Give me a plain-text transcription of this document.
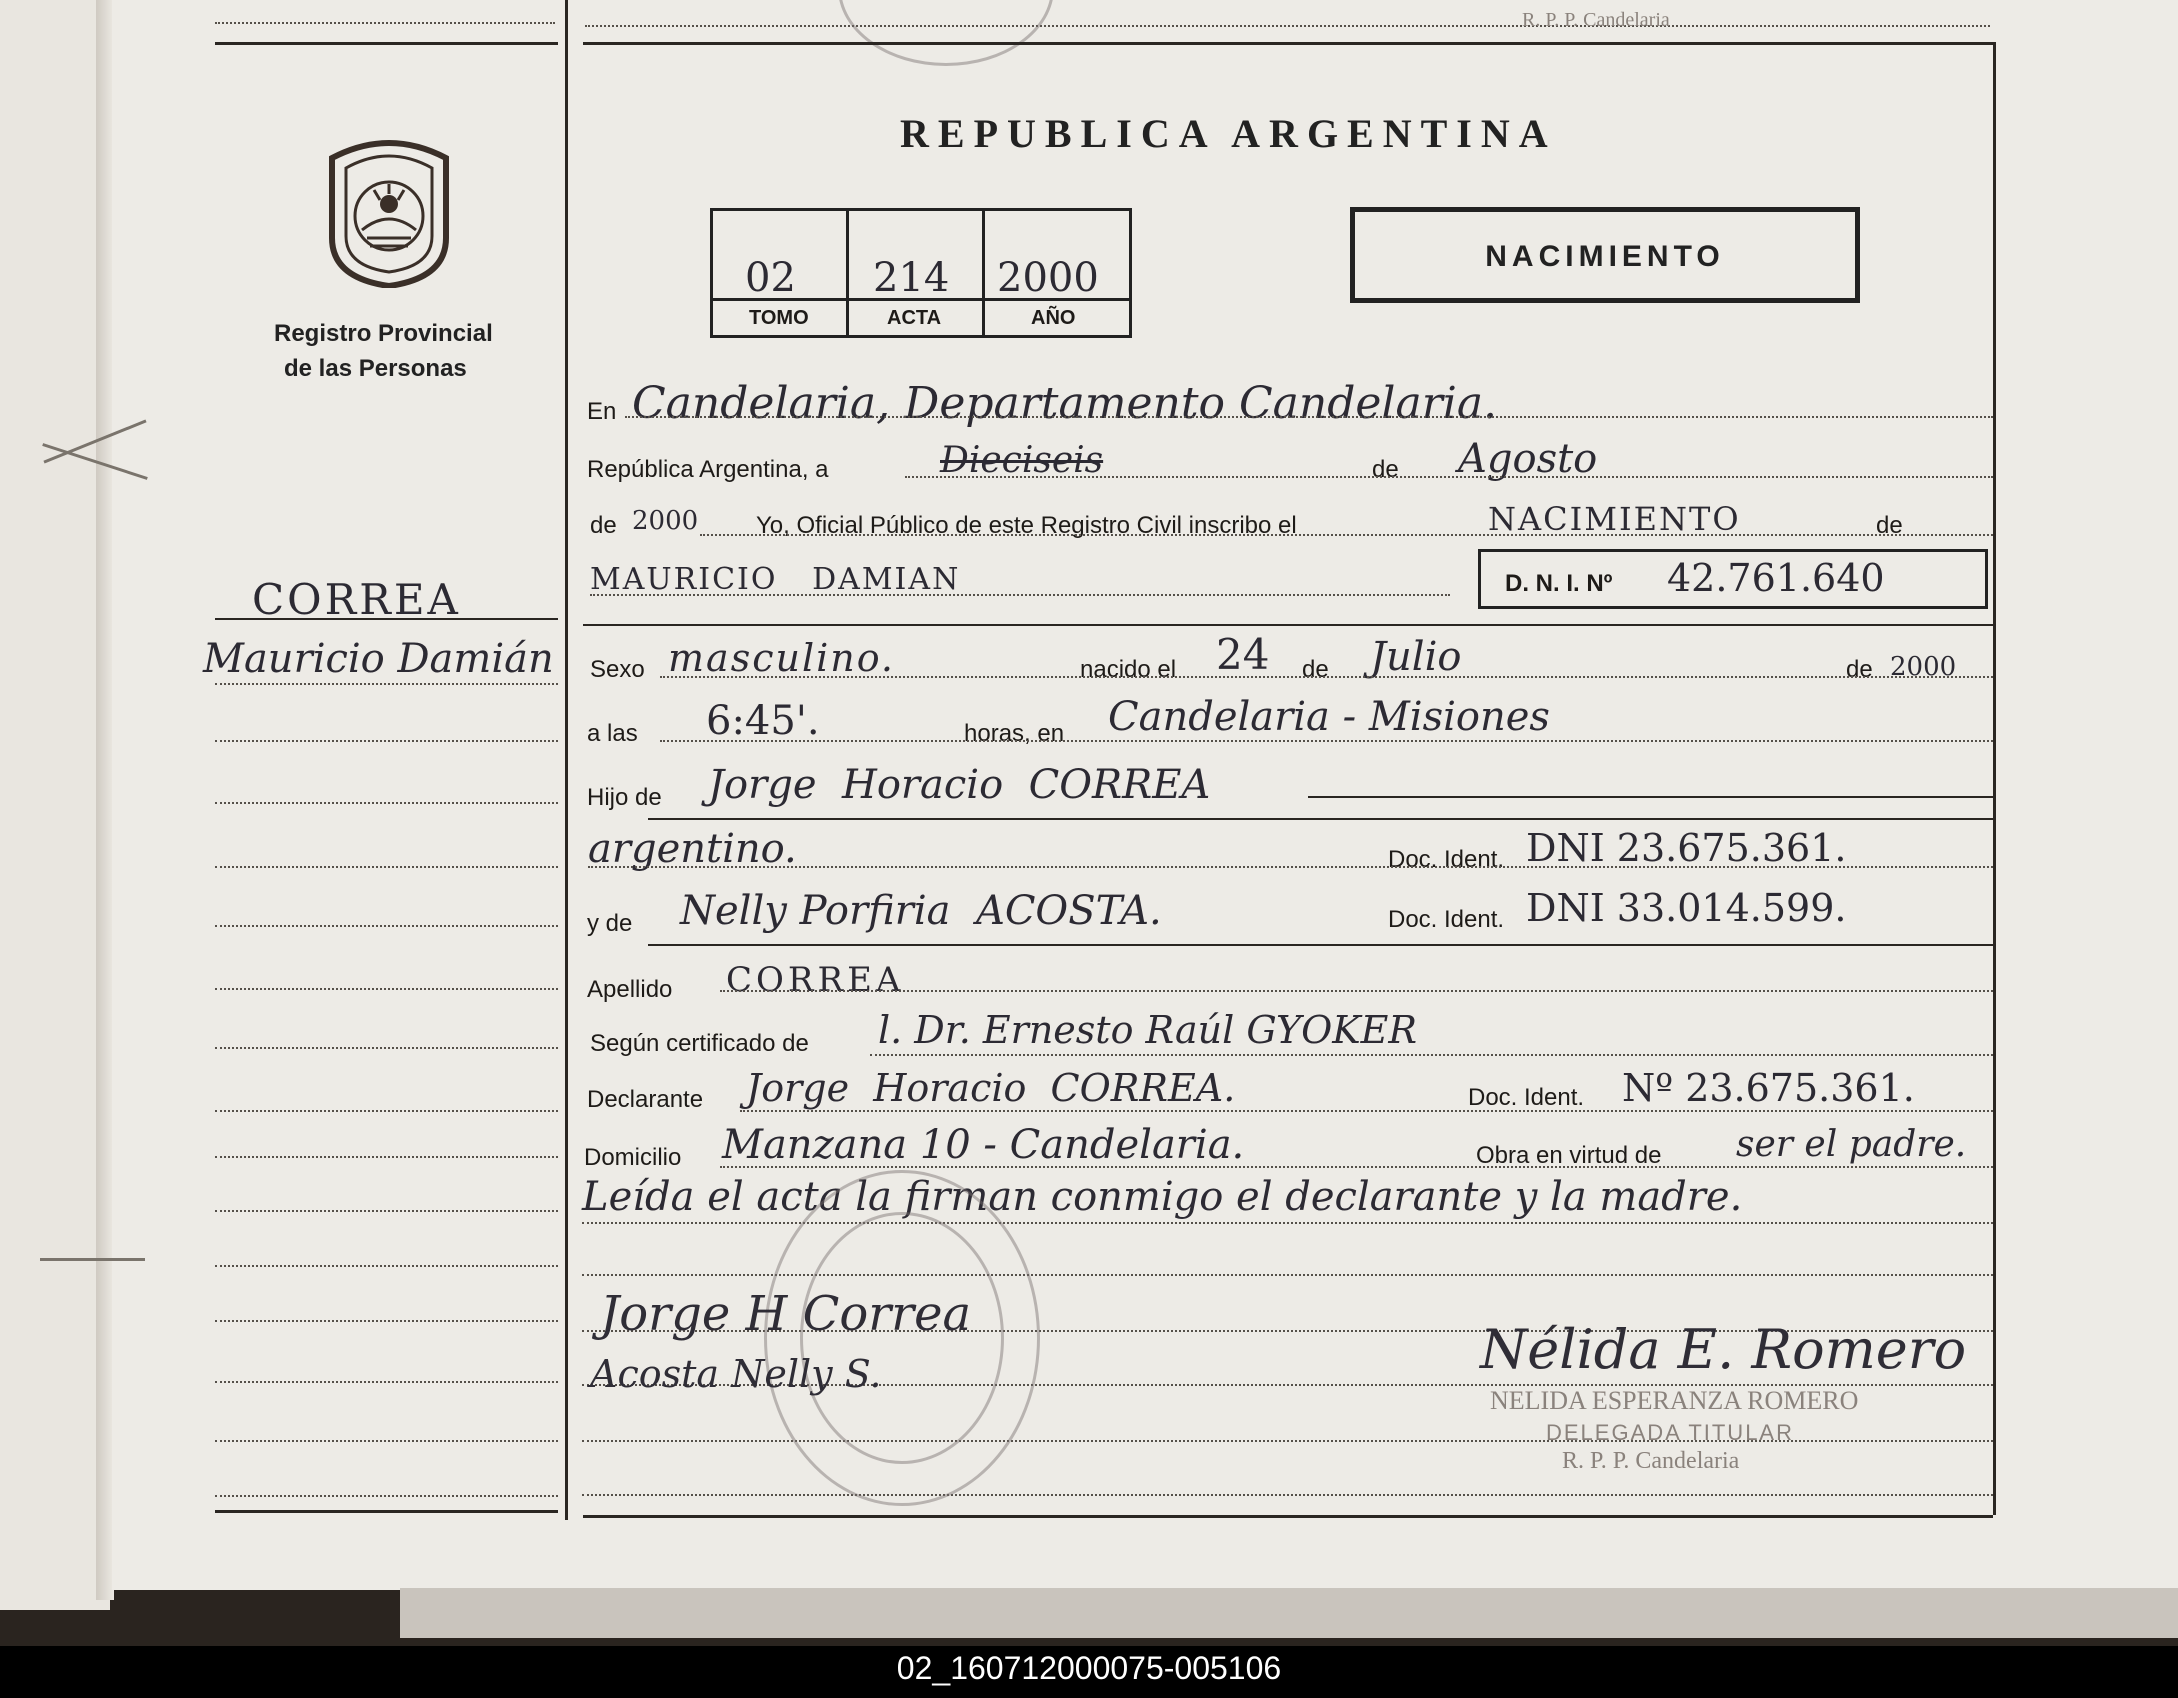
R. P. P. Candelaria
Registro Provincial
de las Personas
REPUBLICA ARGENTINA
02 214 2000
TOMO	ACTA	AÑO
NACIMIENTO
CORREA
Mauricio Damián
En Candelaria, Departamento Candelaria.
República Argentina, a	Dieciseis	de Agosto
de 2000 Yo, Oficial Público de este Registro Civil inscribo el	NACIMIENTO	de
MAURICIO   DAMIAN	D. N. I. Nº 42.761.640
Sexo masculino.	nacido el 24 de Julio	de 2000
a las 6:45'.	horas, en Candelaria - Misiones
Hijo de Jorge  Horacio  CORREA
argentino.	Doc. Ident. DNI 23.675.361.
y de Nelly Porfiria  ACOSTA.	Doc. Ident. DNI 33.014.599.
Apellido CORREA
Según certificado de l. Dr. Ernesto Raúl GYOKER
Declarante Jorge  Horacio  CORREA.	Doc. Ident. Nº 23.675.361.
Domicilio Manzana 10 - Candelaria.	Obra en virtud de ser el padre.
Leída el acta la firman conmigo el declarante y la madre.
Jorge H Correa
Acosta Nelly S.	Nélida E. Romero
NELIDA ESPERANZA ROMERO
DELEGADA TITULAR
R. P. P. Candelaria
02_160712000075-005106
